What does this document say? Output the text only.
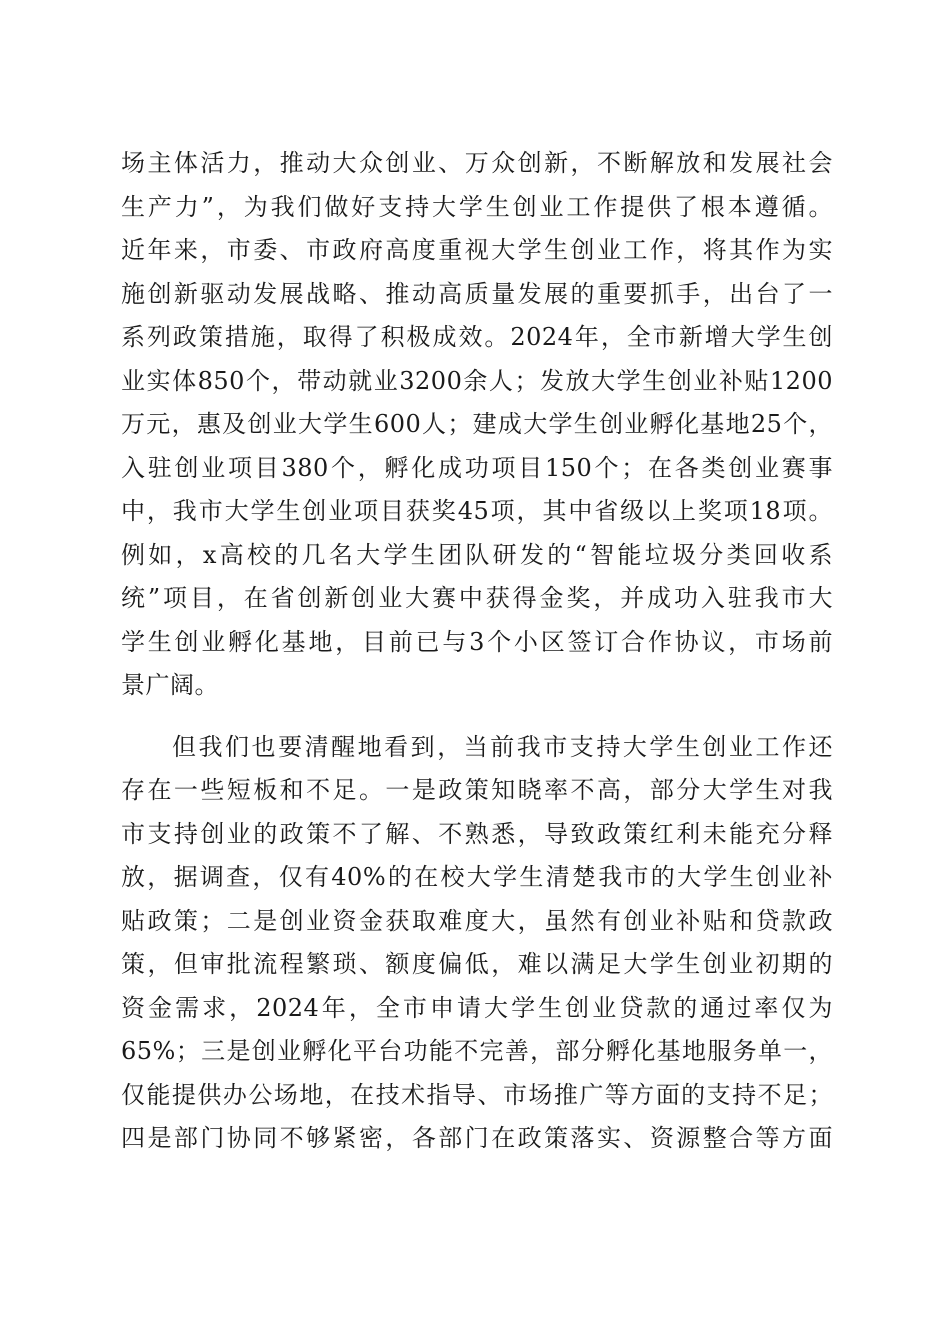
场主体活力，推动大众创业、万众创新，不断解放和发展社会
生产力”，为我们做好支持大学生创业工作提供了根本遵循。
近年来，市委、市政府高度重视大学生创业工作，将其作为实
施创新驱动发展战略、推动高质量发展的重要抓手，出台了一
系列政策措施，取得了积极成效。2024年，全市新增大学生创
业实体850个，带动就业3200余人；发放大学生创业补贴1200
万元，惠及创业大学生600人；建成大学生创业孵化基地25个，
入驻创业项目380个，孵化成功项目150个；在各类创业赛事
中，我市大学生创业项目获奖45项，其中省级以上奖项18项。
例如，x高校的几名大学生团队研发的“智能垃圾分类回收系
统”项目，在省创新创业大赛中获得金奖，并成功入驻我市大
学生创业孵化基地，目前已与3个小区签订合作协议，市场前
景广阔。
但我们也要清醒地看到，当前我市支持大学生创业工作还
存在一些短板和不足。一是政策知晓率不高，部分大学生对我
市支持创业的政策不了解、不熟悉，导致政策红利未能充分释
放，据调查，仅有40%的在校大学生清楚我市的大学生创业补
贴政策；二是创业资金获取难度大，虽然有创业补贴和贷款政
策，但审批流程繁琐、额度偏低，难以满足大学生创业初期的
资金需求，2024年，全市申请大学生创业贷款的通过率仅为
65%；三是创业孵化平台功能不完善，部分孵化基地服务单一，
仅能提供办公场地，在技术指导、市场推广等方面的支持不足；
四是部门协同不够紧密，各部门在政策落实、资源整合等方面
